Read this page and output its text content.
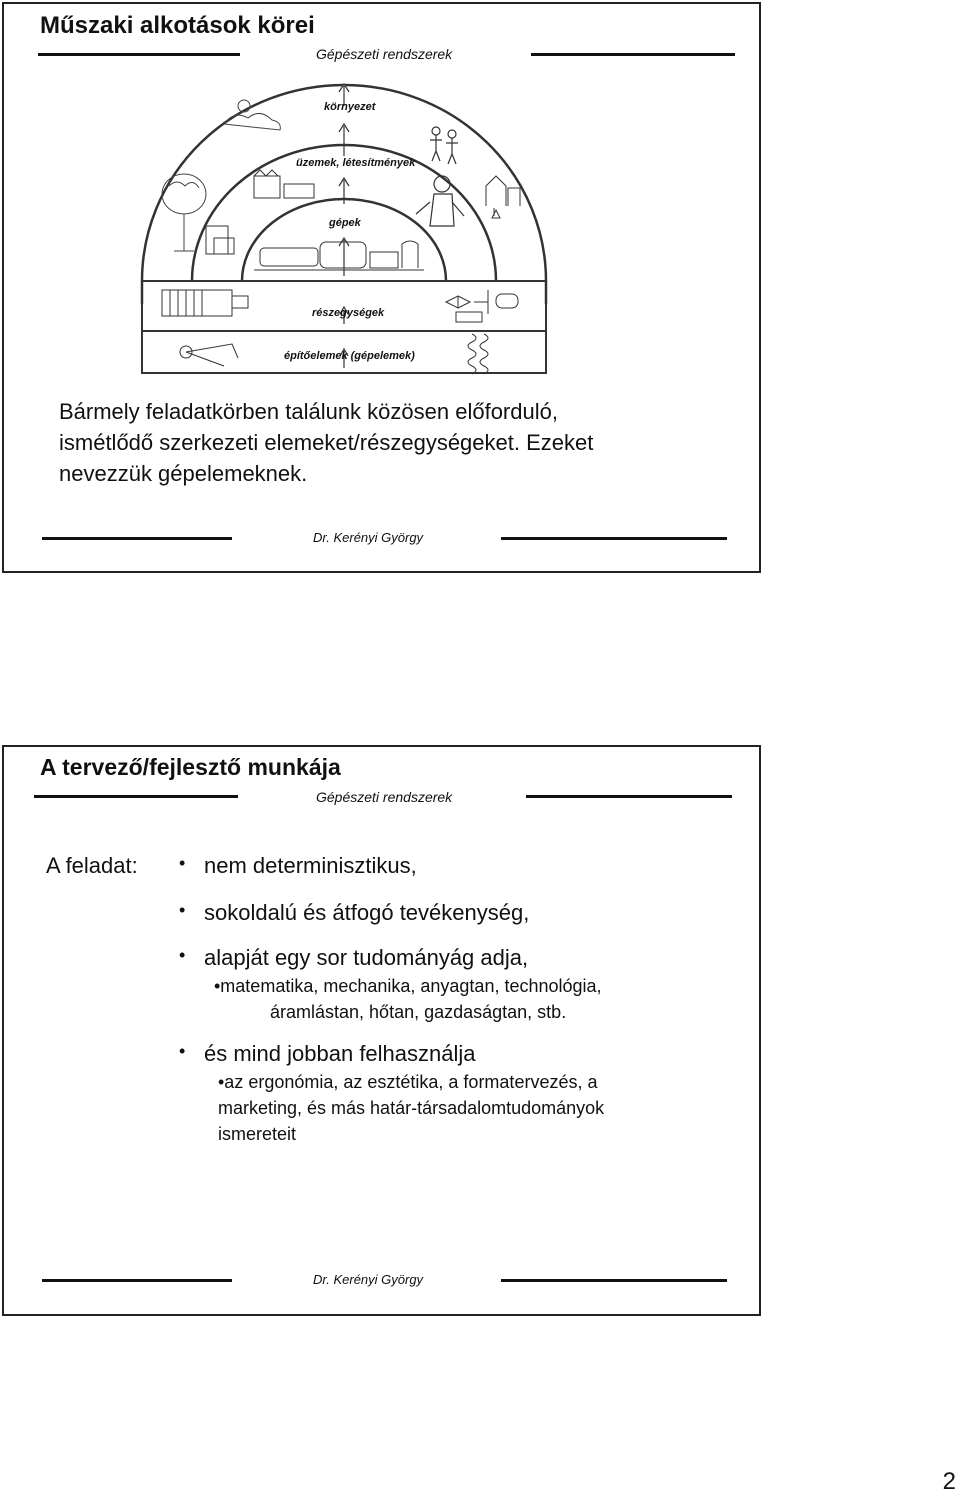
Műszaki alkotások körei
Gépészeti rendszerek
környezet
üzemek, létesítmények
gépek
részegységek
építőelemek (gépelemek)
Bármely feladatkörben találunk közösen előforduló,
ismétlődő szerkezeti elemeket/részegységeket. Ezeket
nevezzük gépelemeknek.
Dr. Kerényi György
A tervező/fejlesztő munkája
Gépészeti rendszerek
A feladat: • nem determinisztikus,
• sokoldalú és átfogó tevékenység,
• alapját egy sor tudományág adja,
•matematika, mechanika, anyagtan, technológia,
áramlástan, hőtan, gazdaságtan, stb.
• és mind jobban felhasználja
•az ergonómia, az esztétika, a formatervezés, a
marketing, és más határ-társadalomtudományok
ismereteit
Dr. Kerényi György
2
